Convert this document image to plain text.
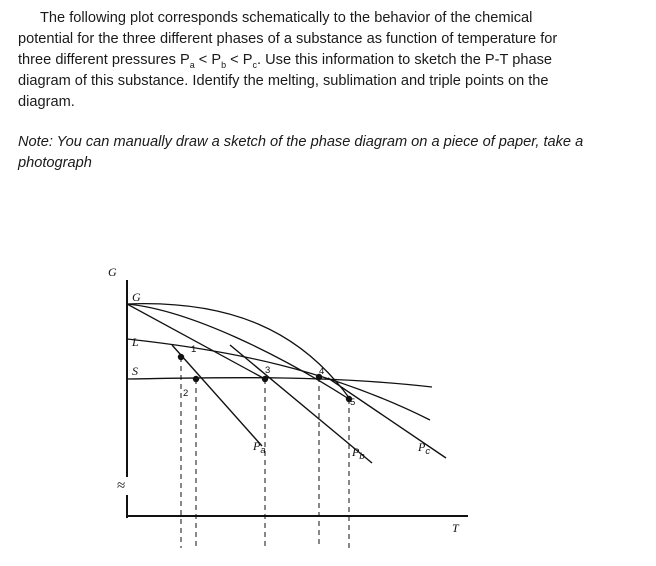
The following plot corresponds schematically to the behavior of the chemical
potential for the three different phases of a substance as function of temperature for
three different pressures $P_a < P_b < P_c$. Use this information to sketch the P-T phase
diagram of this substance. Identify the melting, sublimation and triple points on the
diagram.

Note: You can manually draw a sketch of the phase diagram on a piece of paper, take a photograph

G
G
L
S
1
2
3	4
5
$P_a$	$P_b$
$P_c$
≈
T
